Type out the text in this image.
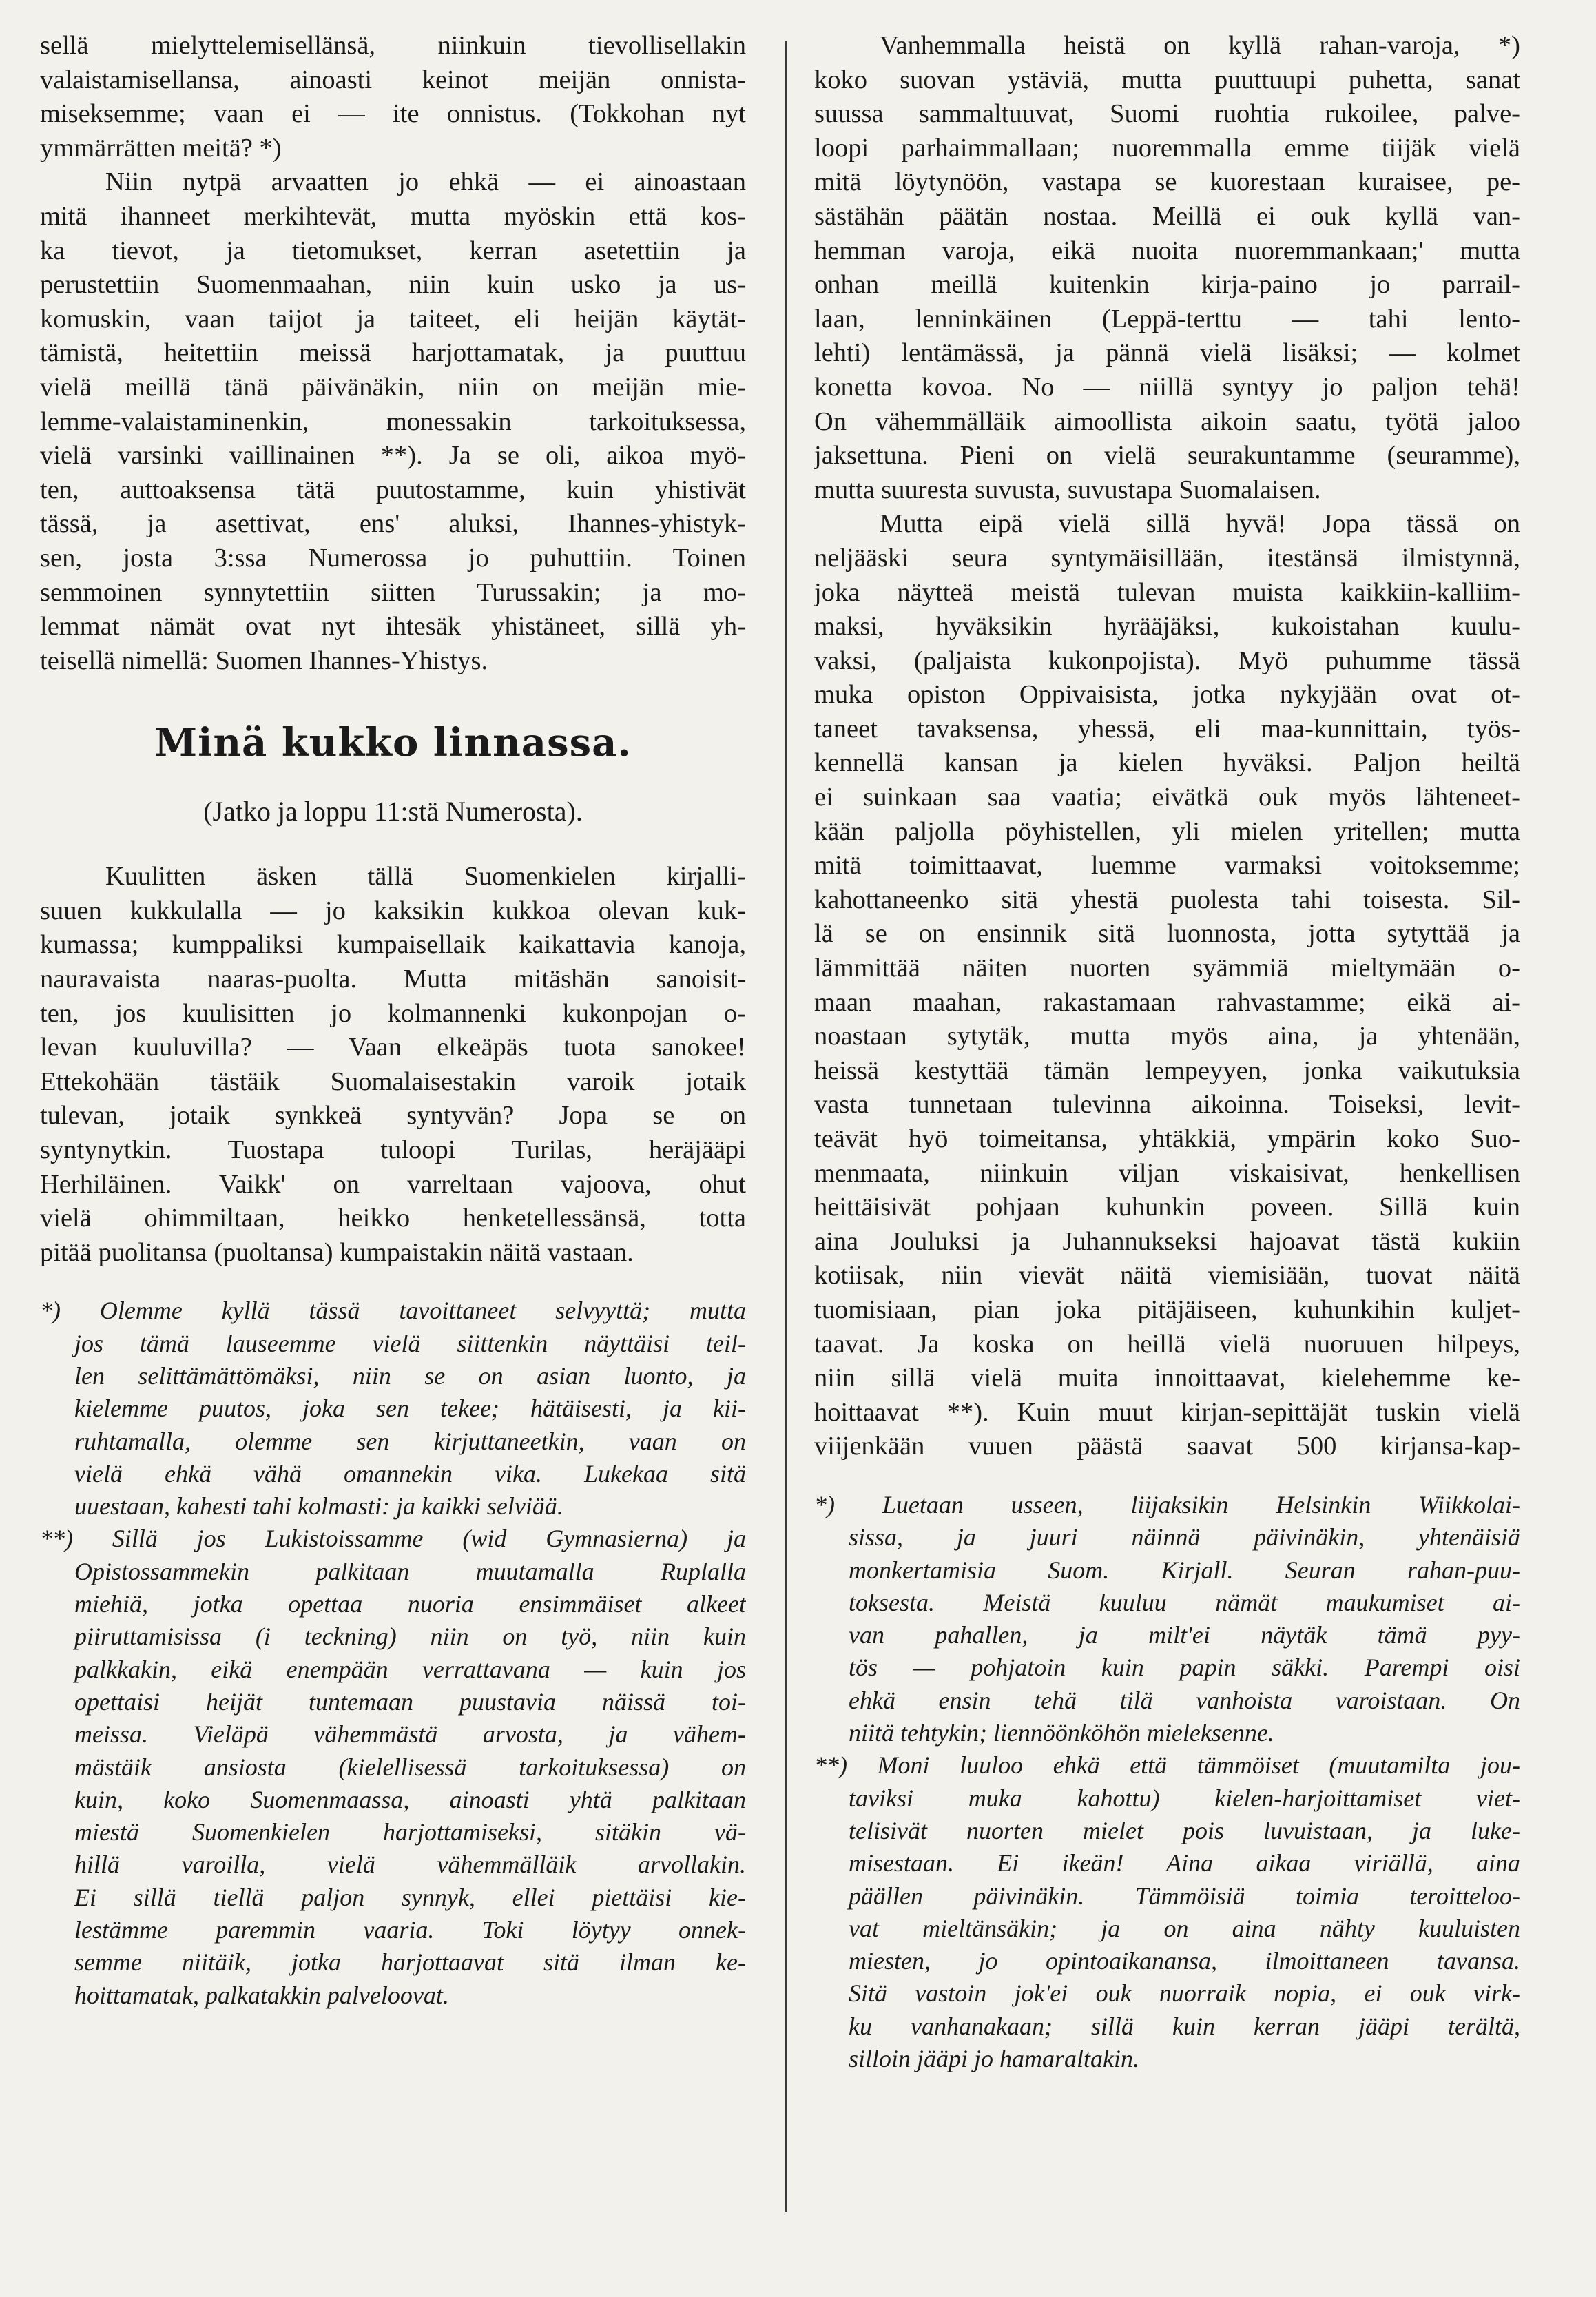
sellä mielyttelemisellänsä, niinkuin tievollisellakin
valaistamisellansa, ainoasti keinot meijän onnista-
miseksemme; vaan ei — ite onnistus. (Tokkohan nyt
ymmärrätten meitä? *)
Niin nytpä arvaatten jo ehkä — ei ainoastaan
mitä ihanneet merkihtevät, mutta myöskin että kos-
ka tievot, ja tietomukset, kerran asetettiin ja
perustettiin Suomenmaahan, niin kuin usko ja us-
komuskin, vaan taijot ja taiteet, eli heijän käytät-
tämistä, heitettiin meissä harjottamatak, ja puuttuu
vielä meillä tänä päivänäkin, niin on meijän mie-
lemme-valaistaminenkin, monessakin tarkoituksessa,
vielä varsinki vaillinainen **). Ja se oli, aikoa myö-
ten, auttoaksensa tätä puutostamme, kuin yhistivät
tässä, ja asettivat, ens' aluksi, Ihannes-yhistyk-
sen, josta 3:ssa Numerossa jo puhuttiin. Toinen
semmoinen synnytettiin siitten Turussakin; ja mo-
lemmat nämät ovat nyt ihtesäk yhistäneet, sillä yh-
teisellä nimellä: Suomen Ihannes-Yhistys.
Minä kukko linnassa.
(Jatko ja loppu 11:stä Numerosta).
Kuulitten äsken tällä Suomenkielen kirjalli-
suuen kukkulalla — jo kaksikin kukkoa olevan kuk-
kumassa; kumppaliksi kumpaisellaik kaikattavia kanoja,
nauravaista naaras-puolta. Mutta mitäshän sanoisit-
ten, jos kuulisitten jo kolmannenki kukonpojan o-
levan kuuluvilla? — Vaan elkeäpäs tuota sanokee!
Ettekohään tästäik Suomalaisestakin varoik jotaik
tulevan, jotaik synkkeä syntyvän? Jopa se on
syntynytkin. Tuostapa tuloopi Turilas, heräjääpi
Herhiläinen. Vaikk' on varreltaan vajoova, ohut
vielä ohimmiltaan, heikko henketellessänsä, totta
pitää puolitansa (puoltansa) kumpaistakin näitä vastaan.
*) Olemme kyllä tässä tavoittaneet selvyyttä; mutta
jos tämä lauseemme vielä siittenkin näyttäisi teil-
len selittämättömäksi, niin se on asian luonto, ja
kielemme puutos, joka sen tekee; hätäisesti, ja kii-
ruhtamalla, olemme sen kirjuttaneetkin, vaan on
vielä ehkä vähä omannekin vika. Lukekaa sitä
uuestaan, kahesti tahi kolmasti: ja kaikki selviää.
**) Sillä jos Lukistoissamme (wid Gymnasierna) ja
Opistossammekin palkitaan muutamalla Ruplalla
miehiä, jotka opettaa nuoria ensimmäiset alkeet
piiruttamisissa (i teckning) niin on työ, niin kuin
palkkakin, eikä enempään verrattavana — kuin jos
opettaisi heijät tuntemaan puustavia näissä toi-
meissa. Vieläpä vähemmästä arvosta, ja vähem-
mästäik ansiosta (kielellisessä tarkoituksessa) on
kuin, koko Suomenmaassa, ainoasti yhtä palkitaan
miestä Suomenkielen harjottamiseksi, sitäkin vä-
hillä varoilla, vielä vähemmälläik arvollakin.
Ei sillä tiellä paljon synnyk, ellei piettäisi kie-
lestämme paremmin vaaria. Toki löytyy onnek-
semme niitäik, jotka harjottaavat sitä ilman ke-
hoittamatak, palkatakkin palveloovat.
Vanhemmalla heistä on kyllä rahan-varoja, *)
koko suovan ystäviä, mutta puuttuupi puhetta, sanat
suussa sammaltuuvat, Suomi ruohtia rukoilee, palve-
loopi parhaimmallaan; nuoremmalla emme tiijäk vielä
mitä löytynöön, vastapa se kuorestaan kuraisee, pe-
sästähän päätän nostaa. Meillä ei ouk kyllä van-
hemman varoja, eikä nuoita nuoremmankaan;' mutta
onhan meillä kuitenkin kirja-paino jo parrail-
laan, lenninkäinen (Leppä-terttu — tahi lento-
lehti) lentämässä, ja pännä vielä lisäksi; — kolmet
konetta kovoa. No — niillä syntyy jo paljon tehä!
On vähemmälläik aimoollista aikoin saatu, työtä jaloo
jaksettuna. Pieni on vielä seurakuntamme (seuramme),
mutta suuresta suvusta, suvustapa Suomalaisen.
Mutta eipä vielä sillä hyvä! Jopa tässä on
neljääski seura syntymäisillään, itestänsä ilmistynnä,
joka näytteä meistä tulevan muista kaikkiin-kalliim-
maksi, hyväksikin hyrääjäksi, kukoistahan kuulu-
vaksi, (paljaista kukonpojista). Myö puhumme tässä
muka opiston Oppivaisista, jotka nykyjään ovat ot-
taneet tavaksensa, yhessä, eli maa-kunnittain, työs-
kennellä kansan ja kielen hyväksi. Paljon heiltä
ei suinkaan saa vaatia; eivätkä ouk myös lähteneet-
kään paljolla pöyhistellen, yli mielen yritellen; mutta
mitä toimittaavat, luemme varmaksi voitoksemme;
kahottaneenko sitä yhestä puolesta tahi toisesta. Sil-
lä se on ensinnik sitä luonnosta, jotta sytyttää ja
lämmittää näiten nuorten syämmiä mieltymään o-
maan maahan, rakastamaan rahvastamme; eikä ai-
noastaan sytytäk, mutta myös aina, ja yhtenään,
heissä kestyttää tämän lempeyyen, jonka vaikutuksia
vasta tunnetaan tulevinna aikoinna. Toiseksi, levit-
teävät hyö toimeitansa, yhtäkkiä, ympärin koko Suo-
menmaata, niinkuin viljan viskaisivat, henkellisen
heittäisivät pohjaan kuhunkin poveen. Sillä kuin
aina Jouluksi ja Juhannukseksi hajoavat tästä kukiin
kotiisak, niin vievät näitä viemisiään, tuovat näitä
tuomisiaan, pian joka pitäjäiseen, kuhunkihin kuljet-
taavat. Ja koska on heillä vielä nuoruuen hilpeys,
niin sillä vielä muita innoittaavat, kielehemme ke-
hoittaavat **). Kuin muut kirjan-sepittäjät tuskin vielä
viijenkään vuuen päästä saavat 500 kirjansa-kap-
*) Luetaan usseen, liijaksikin Helsinkin Wiikkolai-
sissa, ja juuri näinnä päivinäkin, yhtenäisiä
monkertamisia Suom. Kirjall. Seuran rahan-puu-
toksesta. Meistä kuuluu nämät maukumiset ai-
van pahallen, ja milt'ei näytäk tämä pyy-
tös — pohjatoin kuin papin säkki. Parempi oisi
ehkä ensin tehä tilä vanhoista varoistaan. On
niitä tehtykin; liennöönköhön mieleksenne.
**) Moni luuloo ehkä että tämmöiset (muutamilta jou-
taviksi muka kahottu) kielen-harjoittamiset viet-
telisivät nuorten mielet pois luvuistaan, ja luke-
misestaan. Ei ikeän! Aina aikaa viriällä, aina
päällen päivinäkin. Tämmöisiä toimia teroitteloo-
vat mieltänsäkin; ja on aina nähty kuuluisten
miesten, jo opintoaikanansa, ilmoittaneen tavansa.
Sitä vastoin jok'ei ouk nuorraik nopia, ei ouk virk-
ku vanhanakaan; sillä kuin kerran jääpi terältä,
silloin jääpi jo hamaraltakin.
